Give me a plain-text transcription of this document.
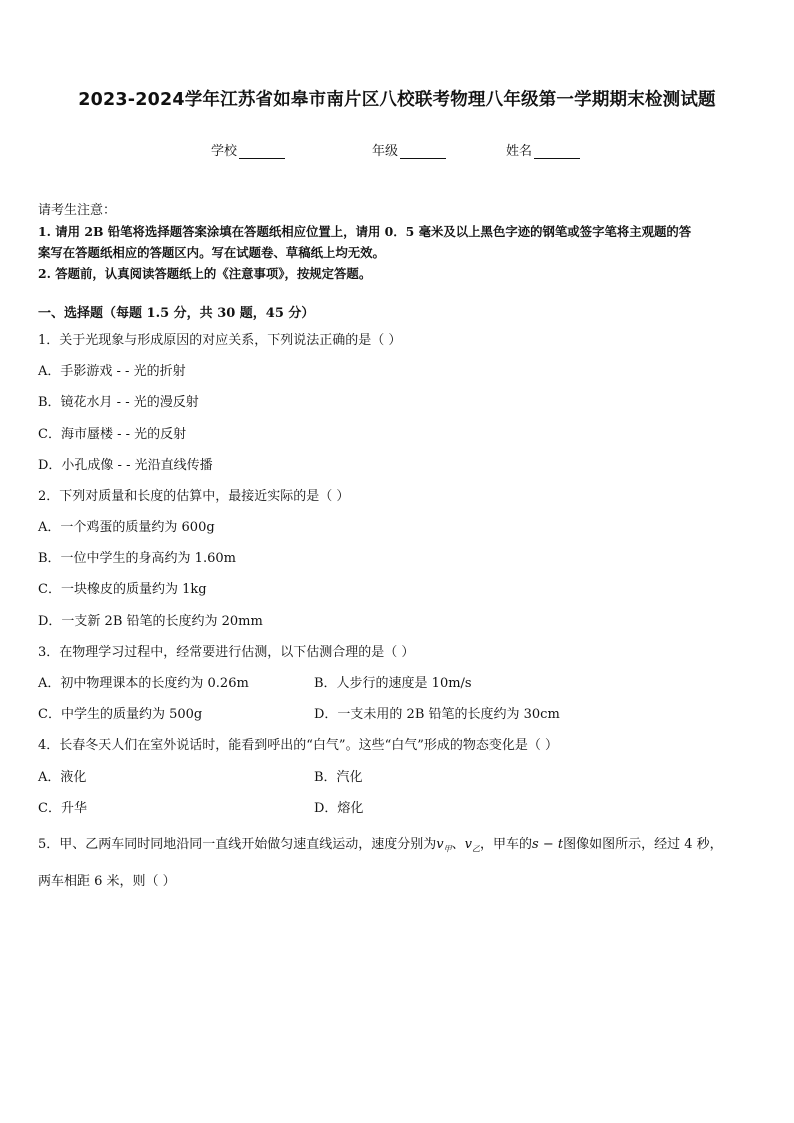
2023-2024学年江苏省如皋市南片区八校联考物理八年级第一学期期末检测试题
学校	年级	姓名
请考生注意：
1. 请用 2B 铅笔将选择题答案涂填在答题纸相应位置上，请用 0．5 毫米及以上黑色字迹的钢笔或签字笔将主观题的答
案写在答题纸相应的答题区内。写在试题卷、草稿纸上均无效。
2. 答题前，认真阅读答题纸上的《注意事项》，按规定答题。
一、选择题（每题 1.5 分，共 30 题，45 分）
1．关于光现象与形成原因的对应关系，下列说法正确的是（ ）
A．手影游戏 - - 光的折射
B．镜花水月 - - 光的漫反射
C．海市蜃楼 - - 光的反射
D．小孔成像 - - 光沿直线传播
2．下列对质量和长度的估算中，最接近实际的是（ ）
A．一个鸡蛋的质量约为 600g
B．一位中学生的身高约为 1.60m
C．一块橡皮的质量约为 1kg
D．一支新 2B 铅笔的长度约为 20mm
3．在物理学习过程中，经常要进行估测，以下估测合理的是（ ）
A．初中物理课本的长度约为 0.26m	B．人步行的速度是 10m/s
C．中学生的质量约为 500g	D．一支未用的 2B 铅笔的长度约为 30cm
4．长春冬天人们在室外说话时，能看到呼出的“白气”。这些“白气”形成的物态变化是（ ）
A．液化	B．汽化
C．升华	D．熔化
5．甲、乙两车同时同地沿同一直线开始做匀速直线运动，速度分别为$v_甲$、$v_乙$，甲车的s − t图像如图所示，经过 4 秒，
两车相距 6 米，则（ ）
